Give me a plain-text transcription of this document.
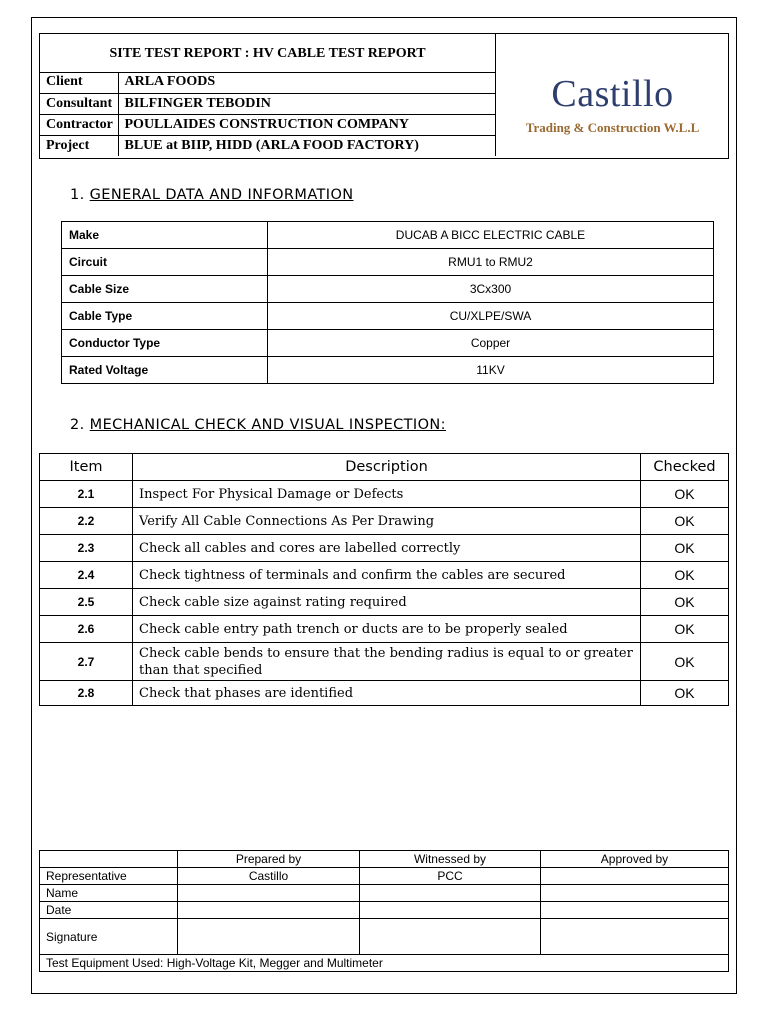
SITE TEST REPORT : HV CABLE TEST REPORT
Client	ARLA FOODS
Consultant	BILFINGER TEBODIN
Contractor	POULLAIDES CONSTRUCTION COMPANY
Project	BLUE at BIIP, HIDD (ARLA FOOD FACTORY)
Castillo
Trading & Construction W.L.L
1. GENERAL DATA AND INFORMATION
Make	DUCAB A BICC ELECTRIC CABLE
Circuit	RMU1 to RMU2
Cable Size	3Cx300
Cable Type	CU/XLPE/SWA
Conductor Type	Copper
Rated Voltage	11KV
2. MECHANICAL CHECK AND VISUAL INSPECTION:
Item	Description	Checked
2.1	Inspect For Physical Damage or Defects	OK
2.2	Verify All Cable Connections As Per Drawing	OK
2.3	Check all cables and cores are labelled correctly	OK
2.4	Check tightness of terminals and confirm the cables are secured	OK
2.5	Check cable size against rating required	OK
2.6	Check cable entry path trench or ducts are to be properly sealed	OK
2.7	Check cable bends to ensure that the bending radius is equal to or greater than that specified	OK
2.8	Check that phases are identified	OK
	Prepared by	Witnessed by	Approved by
Representative	Castillo	PCC	
Name			
Date			
Signature			
Test Equipment Used: High-Voltage Kit, Megger and Multimeter			
